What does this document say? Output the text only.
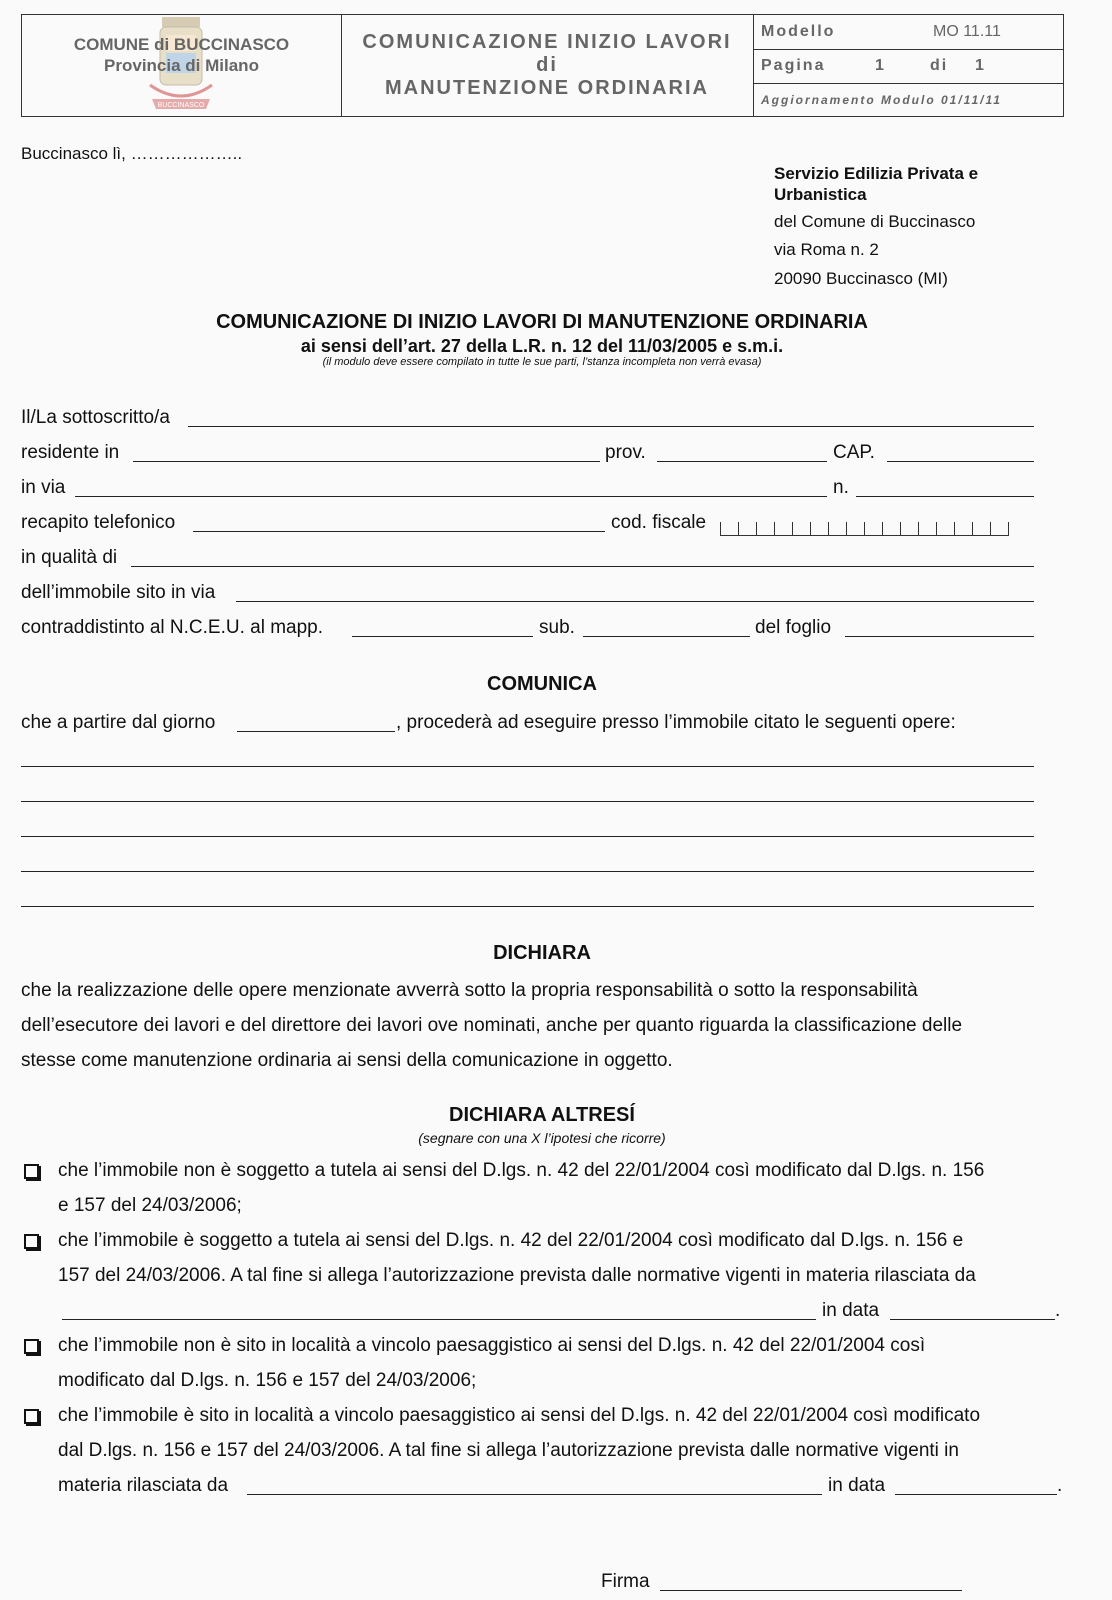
BUCCINASCO
COMUNE di BUCCINASCO
Provincia di Milano
COMUNICAZIONE INIZIO LAVORI
di
MANUTENZIONE ORDINARIA
Modello	MO 11.11
Pagina	1	di 1
Aggiornamento Modulo 01/11/11
Buccinasco lì, ………………..
Servizio Edilizia Privata e
Urbanistica
del Comune di Buccinasco
via Roma n. 2
20090 Buccinasco (MI)
COMUNICAZIONE DI INIZIO LAVORI DI MANUTENZIONE ORDINARIA
ai sensi dell’art. 27 della L.R. n. 12 del 11/03/2005 e s.m.i.
(il modulo deve essere compilato in tutte le sue parti, l’stanza incompleta non verrà evasa)
Il/La sottoscritto/a
residente in	prov.	CAP.
in via	n.
recapito telefonico	cod. fiscale
in qualità di
dell’immobile sito in via
contraddistinto al N.C.E.U. al mapp.	sub.	del foglio
COMUNICA
che a partire dal giorno	, procederà ad eseguire presso l’immobile citato le seguenti opere:
DICHIARA
che la realizzazione delle opere menzionate avverrà sotto la propria responsabilità o sotto la responsabilità
dell’esecutore dei lavori e del direttore dei lavori ove nominati, anche per quanto riguarda la classificazione delle
stesse come manutenzione ordinaria ai sensi della comunicazione in oggetto.
DICHIARA ALTRESÍ
(segnare con una X l’ipotesi che ricorre)
che l’immobile non è soggetto a tutela ai sensi del D.lgs. n. 42 del 22/01/2004 così modificato dal D.lgs. n. 156
e 157 del 24/03/2006;
che l’immobile è soggetto a tutela ai sensi del D.lgs. n. 42 del 22/01/2004 così modificato dal D.lgs. n. 156 e
157 del 24/03/2006. A tal fine si allega l’autorizzazione prevista dalle normative vigenti in materia rilasciata da
in data	.
che l’immobile non è sito in località a vincolo paesaggistico ai sensi del D.lgs. n. 42 del 22/01/2004 così
modificato dal D.lgs. n. 156 e 157 del 24/03/2006;
che l’immobile è sito in località a vincolo paesaggistico ai sensi del D.lgs. n. 42 del 22/01/2004 così modificato
dal D.lgs. n. 156 e 157 del 24/03/2006. A tal fine si allega l’autorizzazione prevista dalle normative vigenti in
materia rilasciata da	in data	.
Firma
